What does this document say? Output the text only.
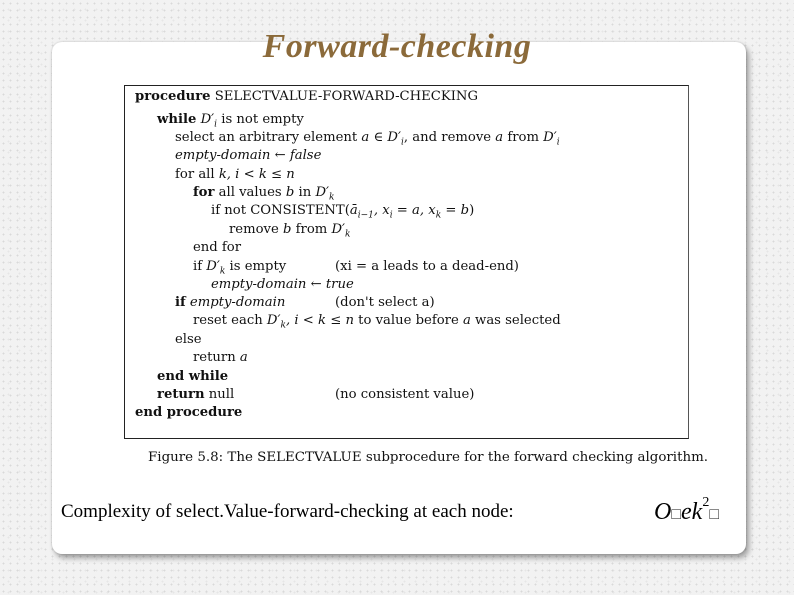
Forward-checking
procedure SELECTVALUE-FORWARD-CHECKING
while $D'_i$ is not empty
select an arbitrary element a ∈ $D'_i$, and remove a from $D'_i$
empty-domain ← false
for all k, i < k ≤ n
for all values b in $D'_k$
if not $CONSISTENT(ā_{i-1}$, $x_i = a$, $x_k = b$)
remove b from $D'_k$
end for
if $D'_k$ is empty
empty-domain ← true
if empty-domain
reset each $D'_k$, i < k ≤ n to value before a was selected
else
return a
end while
return null
end procedure
(xi = a leads to a dead-end)
(don't select a)
(no consistent value)
Figure 5.8: The SELECTVALUE subprocedure for the forward checking algorithm.
Complexity of select.Value-forward-checking at each node:	$O□ek^2□$
